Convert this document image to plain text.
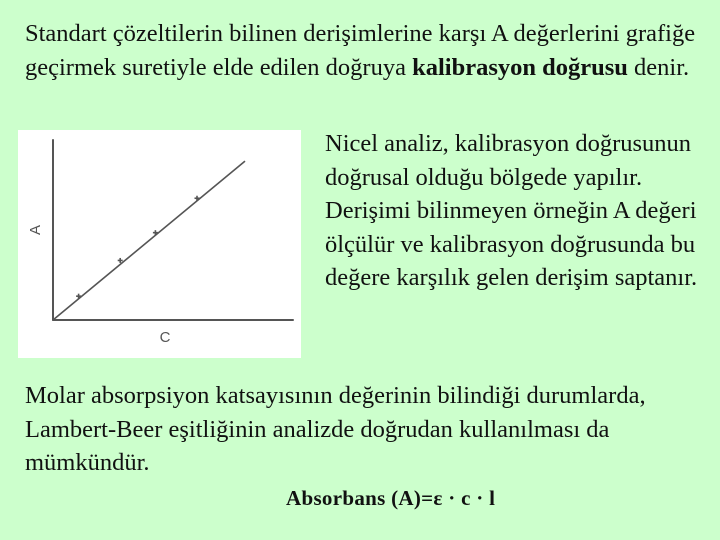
Standart çözeltilerin bilinen derişimlerine karşı A değerlerini grafiğe geçirmek suretiyle elde edilen doğruya kalibrasyon doğrusu denir.

A
C

Nicel analiz, kalibrasyon doğrusunun doğrusal olduğu bölgede yapılır. Derişimi bilinmeyen örneğin A değeri ölçülür ve kalibrasyon doğrusunda bu değere karşılık gelen derişim saptanır.

Molar absorpsiyon katsayısının değerinin bilindiği durumlarda, Lambert-Beer eşitliğinin analizde doğrudan kullanılması da mümkündür.

Absorbans (A)=ε · c · l
